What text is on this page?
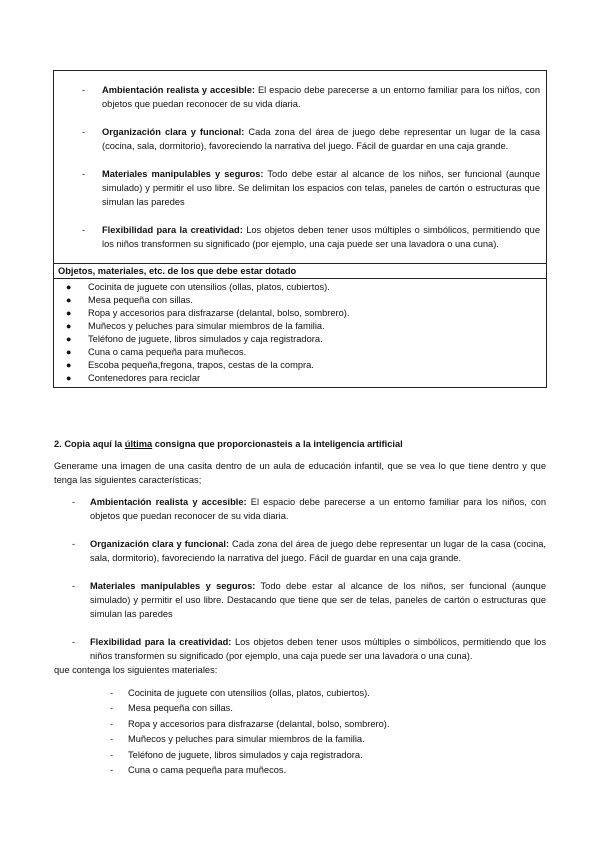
- Ambientación realista y accesible: El espacio debe parecerse a un entorno familiar para los niños, con objetos que puedan reconocer de su vida diaria.
- Organización clara y funcional: Cada zona del área de juego debe representar un lugar de la casa (cocina, sala, dormitorio), favoreciendo la narrativa del juego. Fácil de guardar en una caja grande.
- Materiales manipulables y seguros: Todo debe estar al alcance de los niños, ser funcional (aunque simulado) y permitir el uso libre. Se delimitan los espacios con telas, paneles de cartón o estructuras que simulan las paredes
- Flexibilidad para la creatividad: Los objetos deben tener usos múltiples o simbólicos, permitiendo que los niños transformen su significado (por ejemplo, una caja puede ser una lavadora o una cuna).
Objetos, materiales, etc. de los que debe estar dotado
● Cocinita de juguete con utensilios (ollas, platos, cubiertos).
● Mesa pequeña con sillas.
● Ropa y accesorios para disfrazarse (delantal, bolso, sombrero).
● Muñecos y peluches para simular miembros de la familia.
● Teléfono de juguete, libros simulados y caja registradora.
● Cuna o cama pequeña para muñecos.
● Escoba pequeña,fregona, trapos, cestas de la compra.
● Contenedores para reciclar
2. Copia aquí la última consigna que proporcionasteis a la inteligencia artificial
Generame una imagen de una casita dentro de un aula de educación infantil, que se vea lo que tiene dentro y que tenga las siguientes características;
- Ambientación realista y accesible: El espacio debe parecerse a un entorno familiar para los niños, con objetos que puedan reconocer de su vida diaria.
- Organización clara y funcional: Cada zona del área de juego debe representar un lugar de la casa (cocina, sala, dormitorio), favoreciendo la narrativa del juego. Fácil de guardar en una caja grande.
- Materiales manipulables y seguros: Todo debe estar al alcance de los niños, ser funcional (aunque simulado) y permitir el uso libre. Destacando que tiene que ser de telas, paneles de cartón o estructuras que simulan las paredes
- Flexibilidad para la creatividad: Los objetos deben tener usos múltiples o simbólicos, permitiendo que los niños transformen su significado (por ejemplo, una caja puede ser una lavadora o una cuna).
que contenga los siguientes materiales:
- Cocinita de juguete con utensilios (ollas, platos, cubiertos).
- Mesa pequeña con sillas.
- Ropa y accesorios para disfrazarse (delantal, bolso, sombrero).
- Muñecos y peluches para simular miembros de la familia.
- Teléfono de juguete, libros simulados y caja registradora.
- Cuna o cama pequeña para muñecos.
